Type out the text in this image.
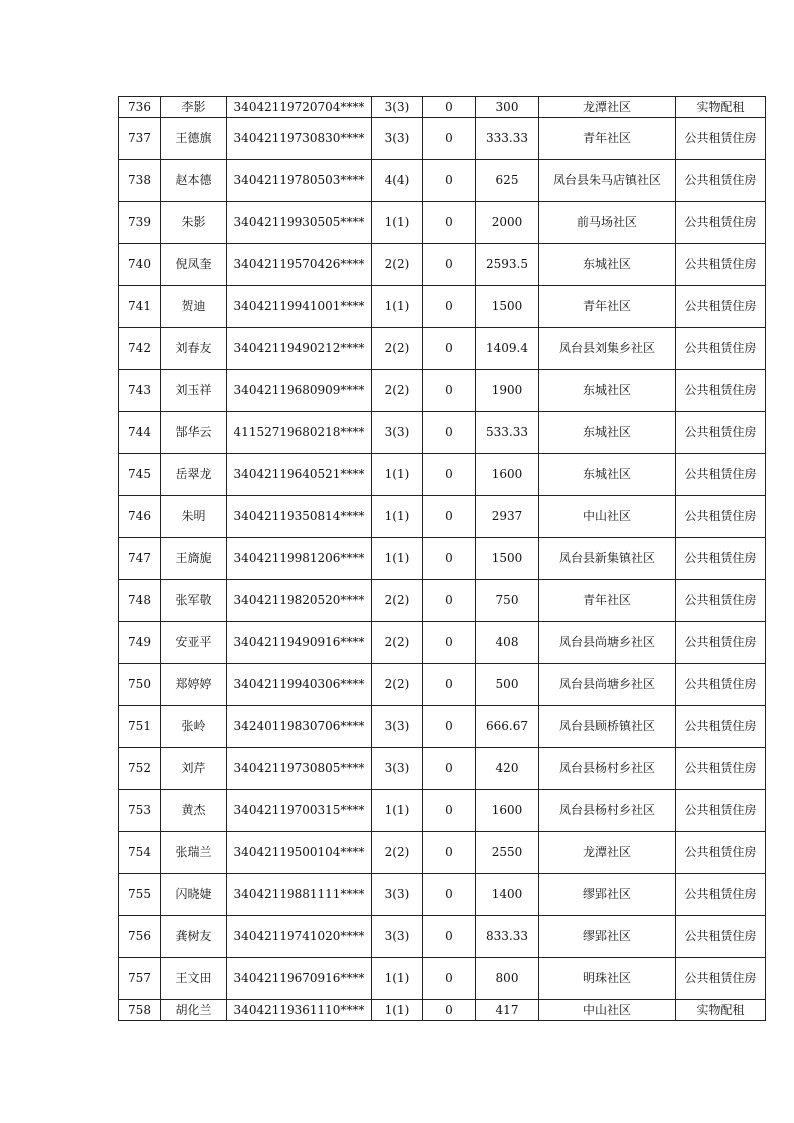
736	李影	34042119720704****	3(3)	0	300	龙潭社区	实物配租
737	王德旗	34042119730830****	3(3)	0	333.33	青年社区	公共租赁住房
738	赵本德	34042119780503****	4(4)	0	625	凤台县朱马店镇社区	公共租赁住房
739	朱影	34042119930505****	1(1)	0	2000	前马场社区	公共租赁住房
740	倪凤奎	34042119570426****	2(2)	0	2593.5	东城社区	公共租赁住房
741	贺迪	34042119941001****	1(1)	0	1500	青年社区	公共租赁住房
742	刘春友	34042119490212****	2(2)	0	1409.4	凤台县刘集乡社区	公共租赁住房
743	刘玉祥	34042119680909****	2(2)	0	1900	东城社区	公共租赁住房
744	郜华云	41152719680218****	3(3)	0	533.33	东城社区	公共租赁住房
745	岳翠龙	34042119640521****	1(1)	0	1600	东城社区	公共租赁住房
746	朱明	34042119350814****	1(1)	0	2937	中山社区	公共租赁住房
747	王旖旎	34042119981206****	1(1)	0	1500	凤台县新集镇社区	公共租赁住房
748	张军敬	34042119820520****	2(2)	0	750	青年社区	公共租赁住房
749	安亚平	34042119490916****	2(2)	0	408	凤台县尚塘乡社区	公共租赁住房
750	郑婷婷	34042119940306****	2(2)	0	500	凤台县尚塘乡社区	公共租赁住房
751	张岭	34240119830706****	3(3)	0	666.67	凤台县顾桥镇社区	公共租赁住房
752	刘芹	34042119730805****	3(3)	0	420	凤台县杨村乡社区	公共租赁住房
753	黄杰	34042119700315****	1(1)	0	1600	凤台县杨村乡社区	公共租赁住房
754	张瑞兰	34042119500104****	2(2)	0	2550	龙潭社区	公共租赁住房
755	闪晓婕	34042119881111****	3(3)	0	1400	缪郢社区	公共租赁住房
756	龚树友	34042119741020****	3(3)	0	833.33	缪郢社区	公共租赁住房
757	王文田	34042119670916****	1(1)	0	800	明珠社区	公共租赁住房
758	胡化兰	34042119361110****	1(1)	0	417	中山社区	实物配租
